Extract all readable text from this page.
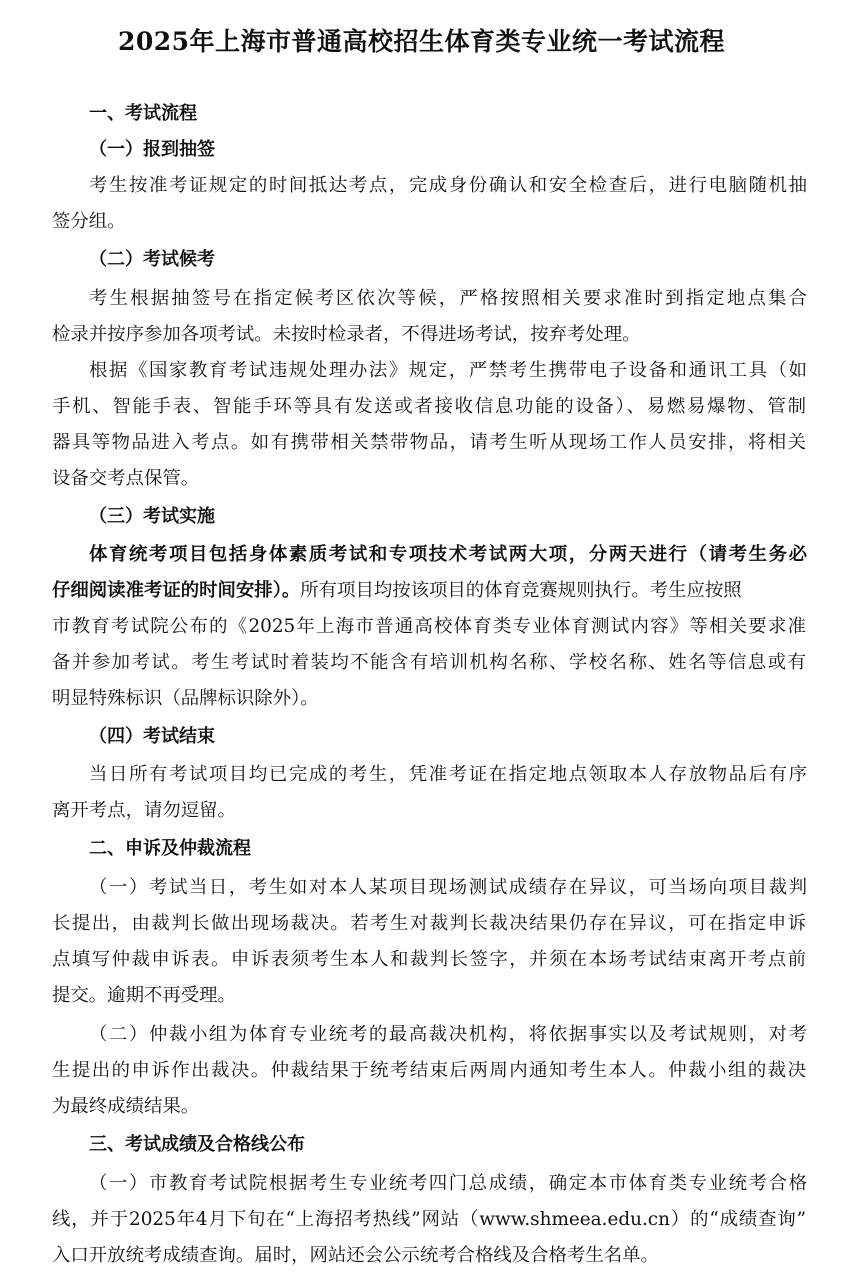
2025年上海市普通高校招生体育类专业统一考试流程
一、考试流程
（一）报到抽签
考生按准考证规定的时间抵达考点，完成身份确认和安全检查后，进行电脑随机抽
签分组。
（二）考试候考
考生根据抽签号在指定候考区依次等候，严格按照相关要求准时到指定地点集合
检录并按序参加各项考试。未按时检录者，不得进场考试，按弃考处理。
根据《国家教育考试违规处理办法》规定，严禁考生携带电子设备和通讯工具（如
手机、智能手表、智能手环等具有发送或者接收信息功能的设备）、易燃易爆物、管制
器具等物品进入考点。如有携带相关禁带物品，请考生听从现场工作人员安排，将相关
设备交考点保管。
（三）考试实施
体育统考项目包括身体素质考试和专项技术考试两大项，分两天进行（请考生务必
仔细阅读准考证的时间安排）。所有项目均按该项目的体育竞赛规则执行。考生应按照
市教育考试院公布的《2025年上海市普通高校体育类专业体育测试内容》等相关要求准
备并参加考试。考生考试时着装均不能含有培训机构名称、学校名称、姓名等信息或有
明显特殊标识（品牌标识除外）。
（四）考试结束
当日所有考试项目均已完成的考生，凭准考证在指定地点领取本人存放物品后有序
离开考点，请勿逗留。
二、申诉及仲裁流程
（一）考试当日，考生如对本人某项目现场测试成绩存在异议，可当场向项目裁判
长提出，由裁判长做出现场裁决。若考生对裁判长裁决结果仍存在异议，可在指定申诉
点填写仲裁申诉表。申诉表须考生本人和裁判长签字，并须在本场考试结束离开考点前
提交。逾期不再受理。
（二）仲裁小组为体育专业统考的最高裁决机构，将依据事实以及考试规则，对考
生提出的申诉作出裁决。仲裁结果于统考结束后两周内通知考生本人。仲裁小组的裁决
为最终成绩结果。
三、考试成绩及合格线公布
（一）市教育考试院根据考生专业统考四门总成绩，确定本市体育类专业统考合格
线，并于2025年4月下旬在“上海招考热线”网站（www.shmeea.edu.cn）的“成绩查询”
入口开放统考成绩查询。届时，网站还会公示统考合格线及合格考生名单。
